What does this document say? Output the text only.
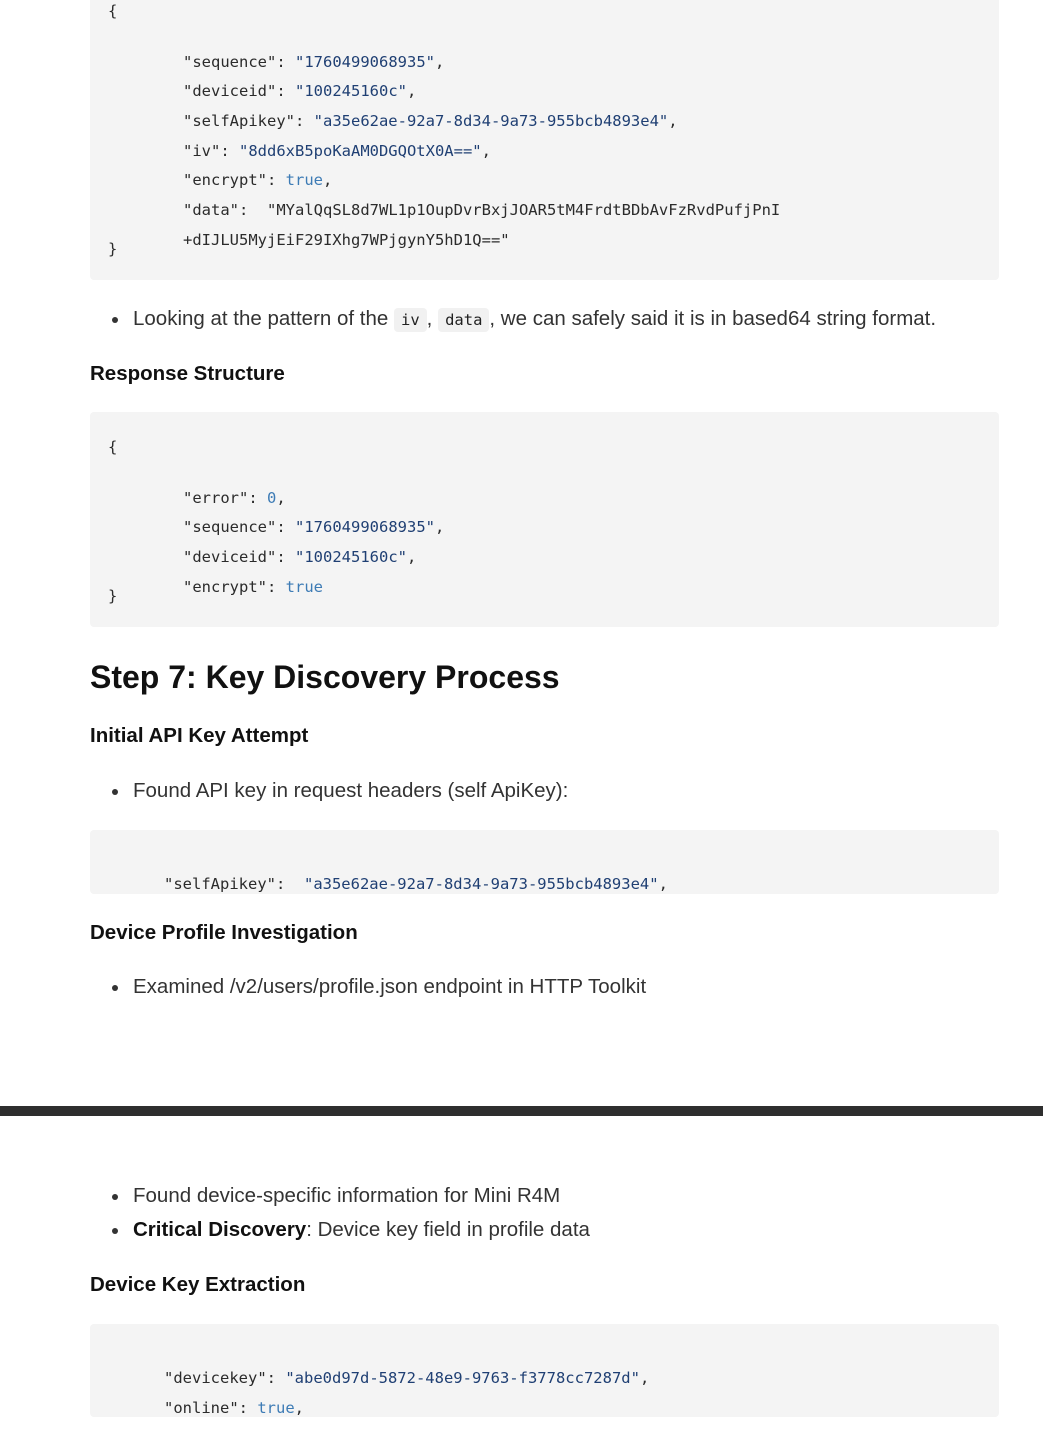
{

"sequence": "1760499068935",

"deviceid": "100245160c",

"selfApikey": "a35e62ae-92a7-8d34-9a73-955bcb4893e4",

"iv": "8dd6xB5poKaAM0DGQOtX0A==",

"encrypt": true,

"data":  "MYalQqSL8d7WL1p1OupDvrBxjJOAR5tM4FrdtBDbAvFzRvdPufjPnI

+dIJLU5MyjEiF29IXhg7WPjgynY5hD1Q=="

}
Looking at the pattern of the iv , data , we can safely said it is in based64 string format.
Response Structure
{

"error": 0,

"sequence": "1760499068935",

"deviceid": "100245160c",

"encrypt": true

}
Step 7: Key Discovery Process
Initial API Key Attempt
Found API key in request headers (self ApiKey):

"selfApikey":  "a35e62ae-92a7-8d34-9a73-955bcb4893e4",

Device Profile Investigation
Examined /v2/users/profile.json endpoint in HTTP Toolkit
Found device-specific information for Mini R4M
Critical Discovery: Device key field in profile data
Device Key Extraction

"devicekey": "abe0d97d-5872-48e9-9763-f3778cc7287d",

"online": true,
